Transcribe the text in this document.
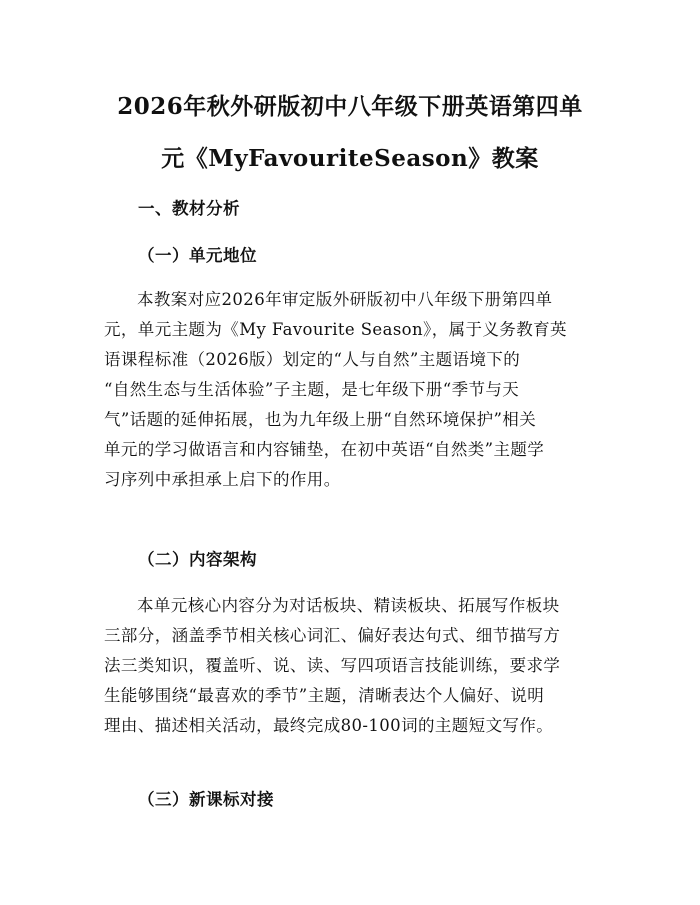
2026年秋外研版初中八年级下册英语第四单
元《MyFavouriteSeason》教案
一、教材分析
（一）单元地位
本教案对应2026年审定版外研版初中八年级下册第四单
元，单元主题为《My Favourite Season》，属于义务教育英
语课程标准（2026版）划定的“人与自然”主题语境下的
“自然生态与生活体验”子主题，是七年级下册“季节与天
气”话题的延伸拓展，也为九年级上册“自然环境保护”相关
单元的学习做语言和内容铺垫，在初中英语“自然类”主题学
习序列中承担承上启下的作用。
（二）内容架构
本单元核心内容分为对话板块、精读板块、拓展写作板块
三部分，涵盖季节相关核心词汇、偏好表达句式、细节描写方
法三类知识，覆盖听、说、读、写四项语言技能训练，要求学
生能够围绕“最喜欢的季节”主题，清晰表达个人偏好、说明
理由、描述相关活动，最终完成80-100词的主题短文写作。
（三）新课标对接
